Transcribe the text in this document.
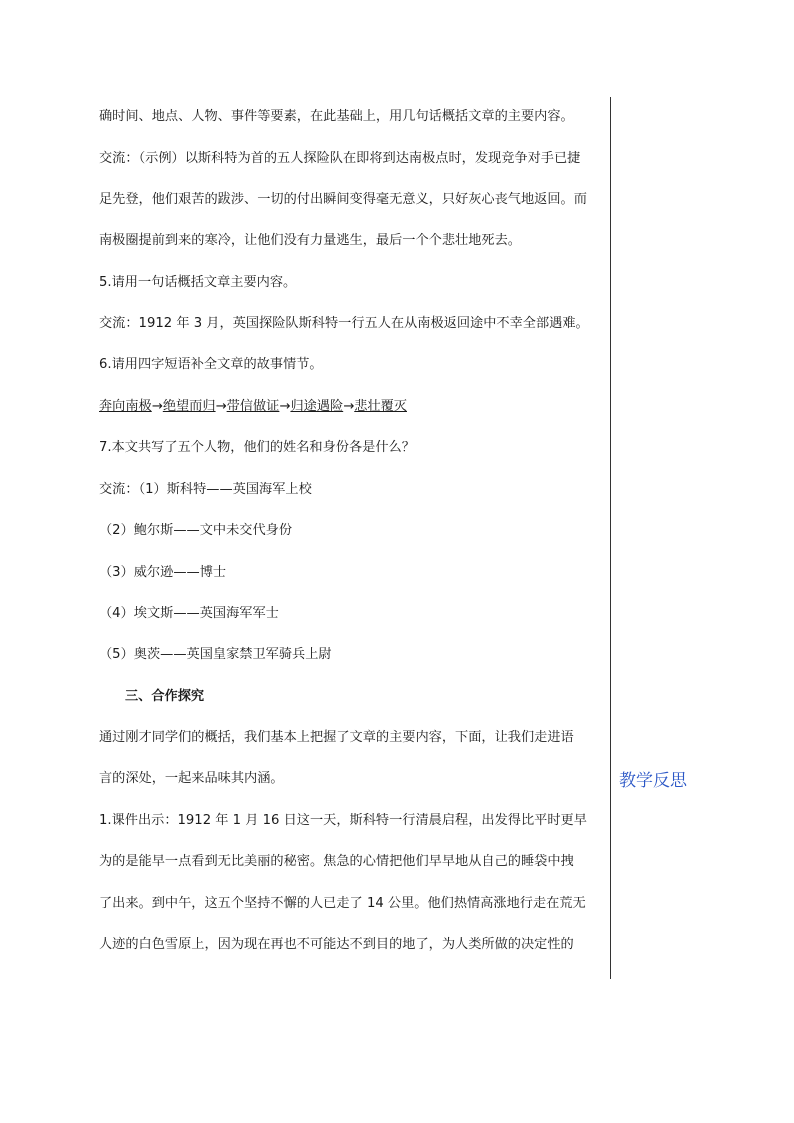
确时间、地点、人物、事件等要素，在此基础上，用几句话概括文章的主要内容。
交流：（示例）以斯科特为首的五人探险队在即将到达南极点时，发现竞争对手已捷
足先登，他们艰苦的跋涉、一切的付出瞬间变得毫无意义，只好灰心丧气地返回。而
南极圈提前到来的寒冷，让他们没有力量逃生，最后一个个悲壮地死去。
5.请用一句话概括文章主要内容。
交流：1912 年 3 月，英国探险队斯科特一行五人在从南极返回途中不幸全部遇难。
6.请用四字短语补全文章的故事情节。
奔向南极→绝望而归→带信做证→归途遇险→悲壮覆灭
7.本文共写了五个人物，他们的姓名和身份各是什么？
交流：（1）斯科特——英国海军上校
（2）鲍尔斯——文中未交代身份
（3）威尔逊——博士
（4）埃文斯——英国海军军士
（5）奥茨——英国皇家禁卫军骑兵上尉
三、合作探究
通过刚才同学们的概括，我们基本上把握了文章的主要内容，下面，让我们走进语
言的深处，一起来品味其内涵。
1.课件出示：1912 年 1 月 16 日这一天，斯科特一行清晨启程，出发得比平时更早
为的是能早一点看到无比美丽的秘密。焦急的心情把他们早早地从自己的睡袋中拽
了出来。到中午，这五个坚持不懈的人已走了 14 公里。他们热情高涨地行走在荒无
人迹的白色雪原上，因为现在再也不可能达不到目的地了，为人类所做的决定性的
教学反思
